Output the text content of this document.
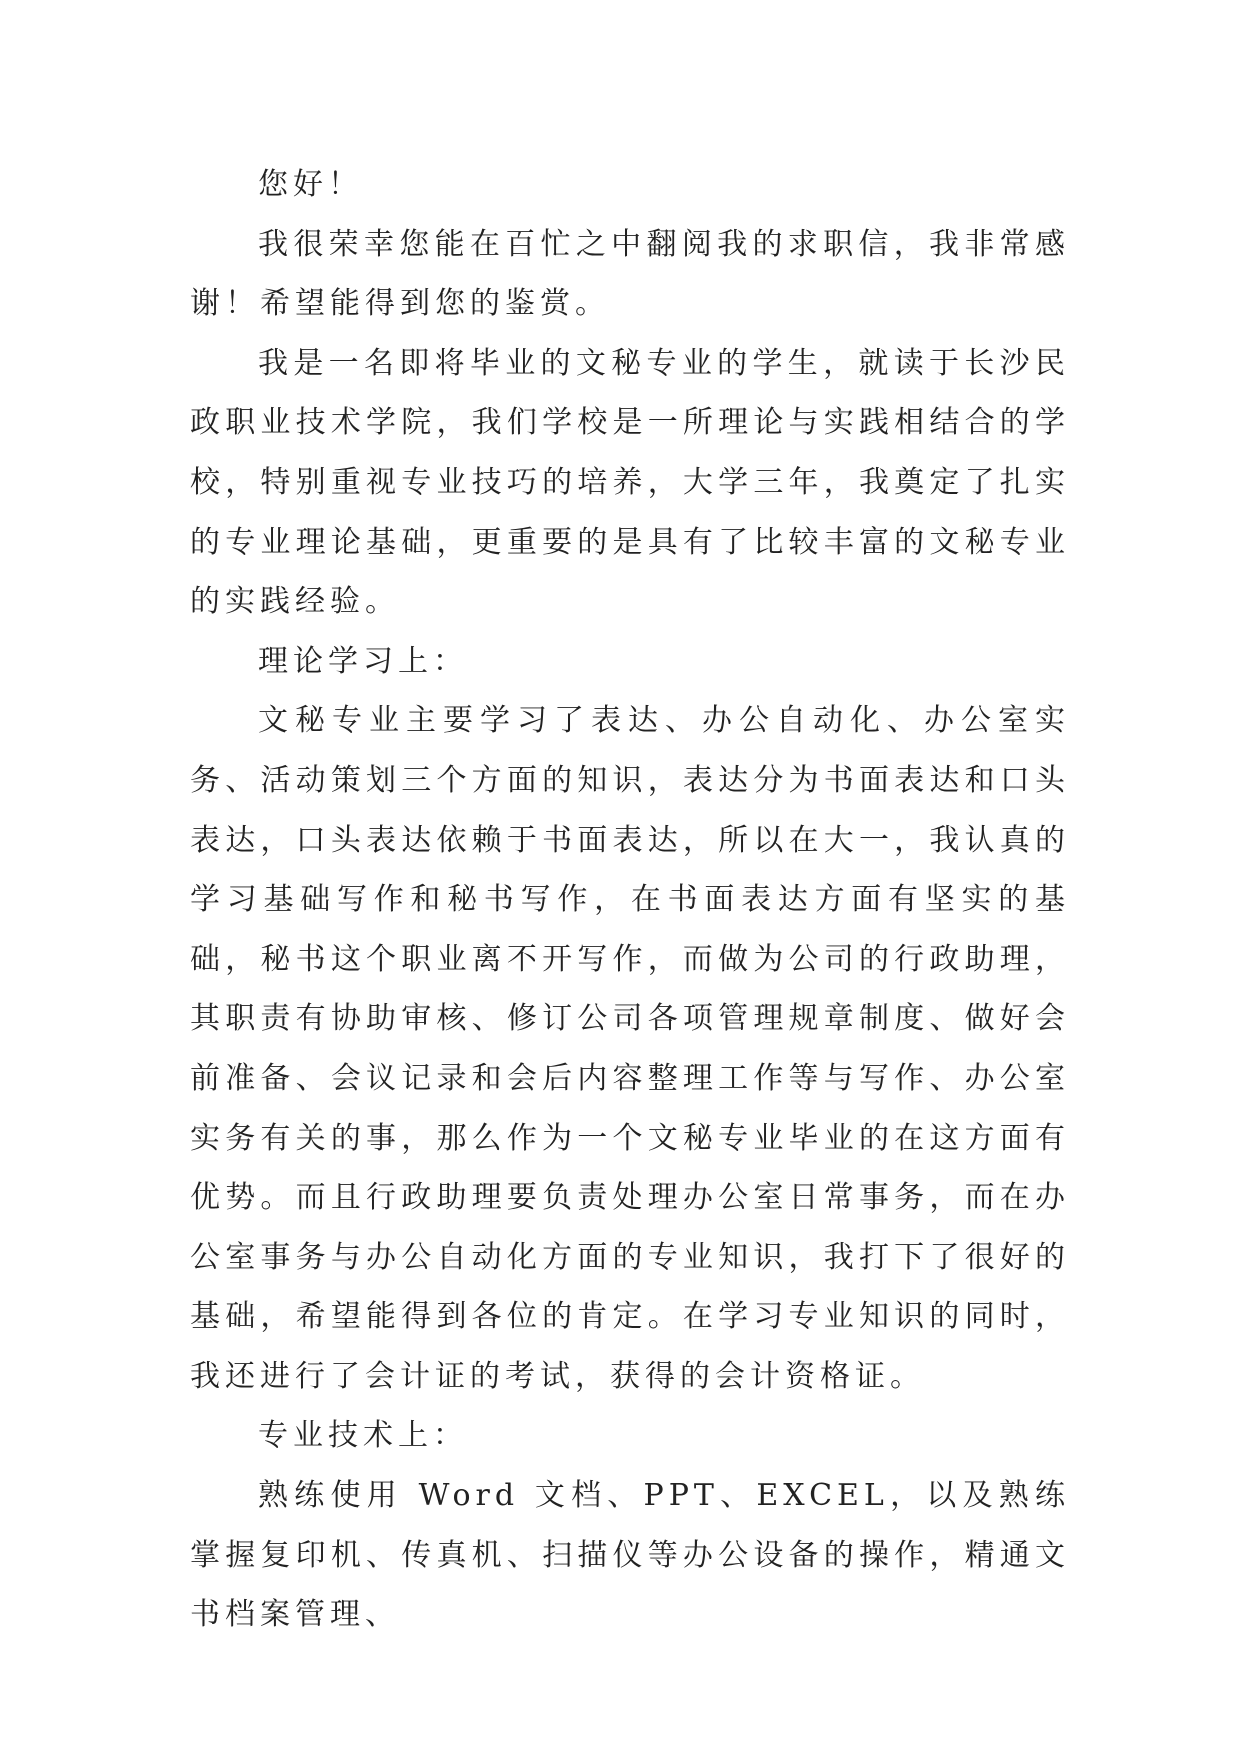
您好！

我很荣幸您能在百忙之中翻阅我的求职信，我非常感谢！希望能得到您的鉴赏。

我是一名即将毕业的文秘专业的学生，就读于长沙民政职业技术学院，我们学校是一所理论与实践相结合的学校，特别重视专业技巧的培养，大学三年，我奠定了扎实的专业理论基础，更重要的是具有了比较丰富的文秘专业的实践经验。

理论学习上：

文秘专业主要学习了表达、办公自动化、办公室实务、活动策划三个方面的知识，表达分为书面表达和口头表达，口头表达依赖于书面表达，所以在大一，我认真的学习基础写作和秘书写作，在书面表达方面有坚实的基础，秘书这个职业离不开写作，而做为公司的行政助理，其职责有协助审核、修订公司各项管理规章制度、做好会前准备、会议记录和会后内容整理工作等与写作、办公室实务有关的事，那么作为一个文秘专业毕业的在这方面有优势。而且行政助理要负责处理办公室日常事务，而在办公室事务与办公自动化方面的专业知识，我打下了很好的基础，希望能得到各位的肯定。在学习专业知识的同时，我还进行了会计证的考试，获得的会计资格证。

专业技术上：

熟练使用 Word 文档、PPT、EXCEL，以及熟练掌握复印机、传真机、扫描仪等办公设备的操作，精通文书档案管理、
